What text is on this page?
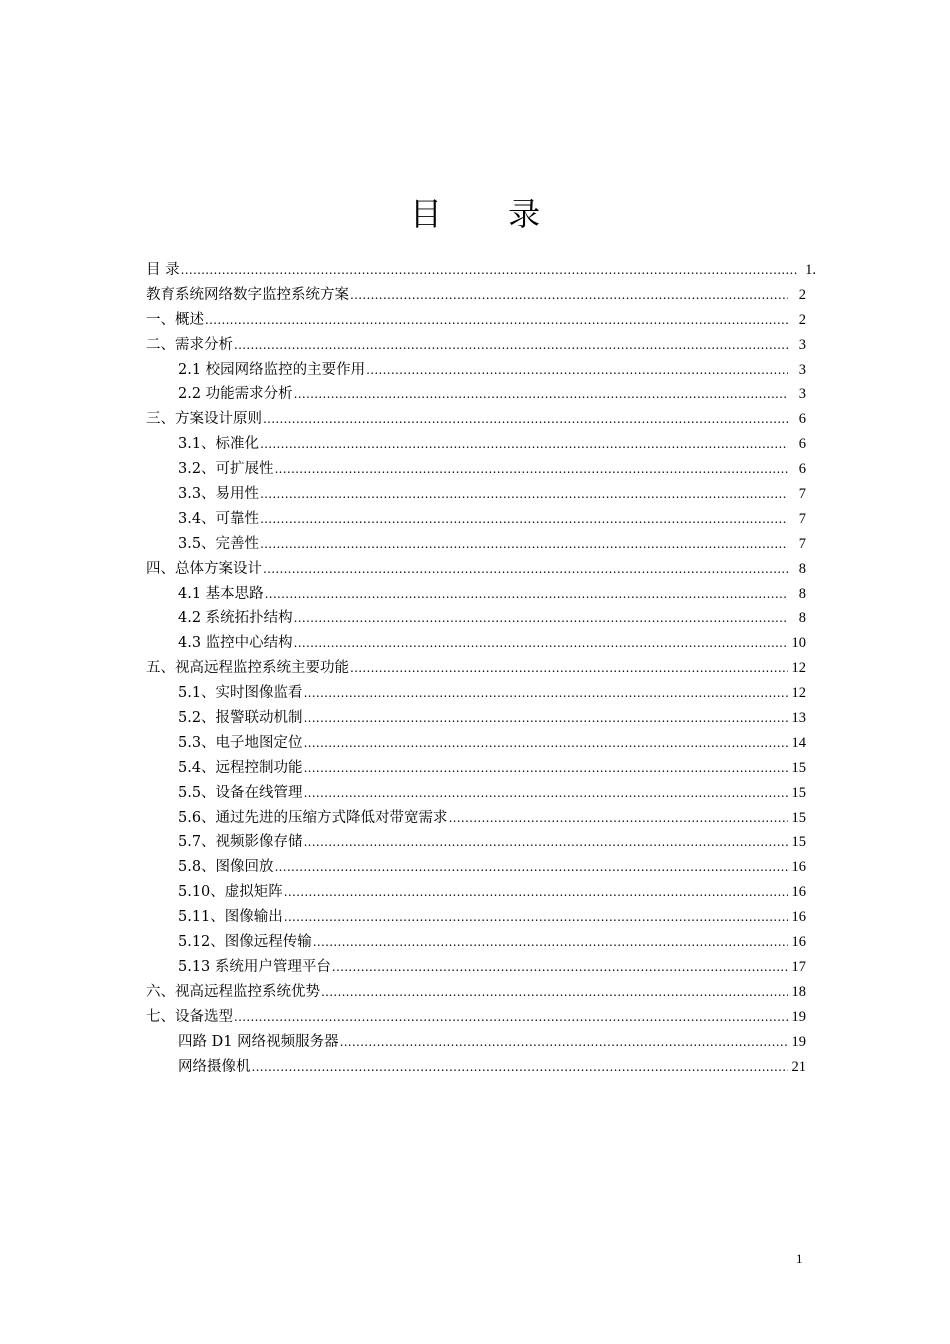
目 录
目 录 .....	1.
教育系统网络数字监控系统方案 .....	2
一、概述 .....	2
二、需求分析 .....	3
2.1 校园网络监控的主要作用 .....	3
2.2 功能需求分析 .....	3
三、方案设计原则 .....	6
3.1、标准化 .....	6
3.2、可扩展性 .....	6
3.3、易用性 .....	7
3.4、可靠性 .....	7
3.5、完善性 .....	7
四、总体方案设计 .....	8
4.1 基本思路 .....	8
4.2 系统拓扑结构 .....	8
4.3 监控中心结构 .....	10
五、视高远程监控系统主要功能 .....	12
5.1、实时图像监看 .....	12
5.2、报警联动机制 .....	13
5.3、电子地图定位 .....	14
5.4、远程控制功能 .....	15
5.5、设备在线管理 .....	15
5.6、通过先进的压缩方式降低对带宽需求 .....	15
5.7、视频影像存储 .....	15
5.8、图像回放 .....	16
5.10、虚拟矩阵 .....	16
5.11、图像输出 .....	16
5.12、图像远程传输 .....	16
5.13 系统用户管理平台 .....	17
六、视高远程监控系统优势 .....	18
七、设备选型 .....	19
四路 D1 网络视频服务器 .....	19
网络摄像机 .....	21
1
